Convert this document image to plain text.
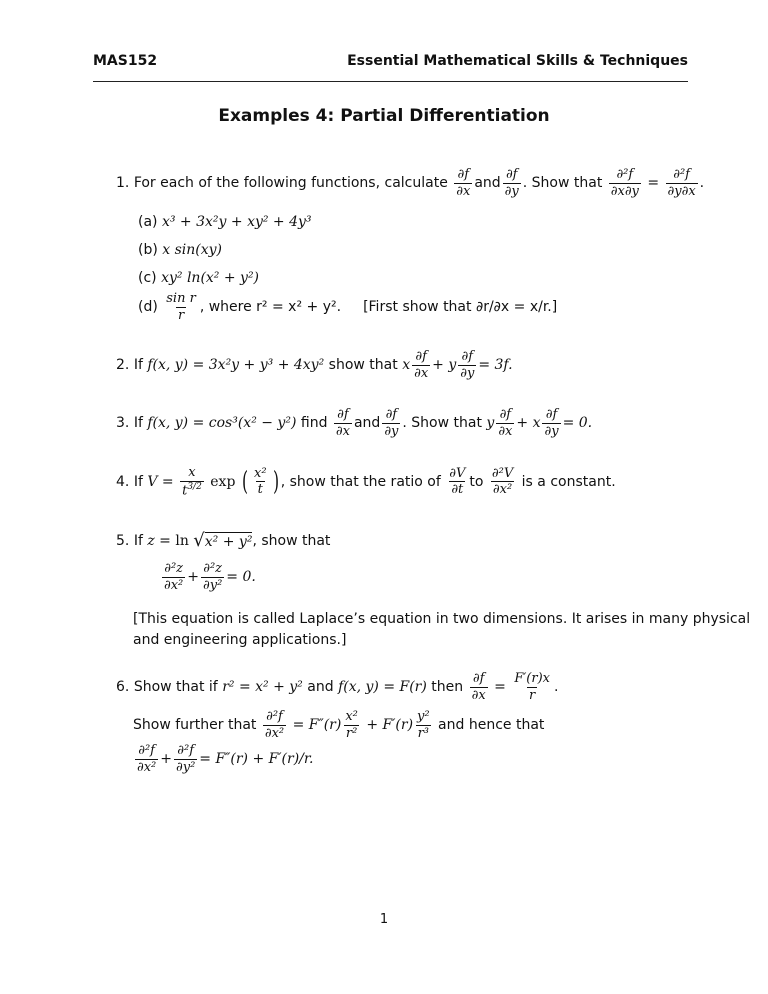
MAS152	Essential Mathematical Skills & Techniques
Examples 4: Partial Differentiation
1.
For each of the following functions, calculate
$\frac{\partial f}{\partial x}$ and $\frac{\partial f}{\partial y}$ . Show that
$\frac{\text{∂²f}}{\partial x\partial y} = \frac{\text{∂²f}}{\partial y\partial x}$ .
(a)
x³ + 3x²y + xy² + 4y³
(b)
x sin(xy)
(c)
xy² ln(x² + y²)
(d)
$\frac{\text{sin r}}{r}$ , where r² = x² + y². [First show that ∂r/∂x = x/r.]
2.
If
f(x, y) = 3x²y + y³ + 4xy²
show that
x $\frac{\partial f}{\partial x} + y \frac{\partial f}{\partial y} = 3f$.
3.
If
f(x, y) = cos³(x² − y²)
find
$\frac{\partial f}{\partial x}$ and $\frac{\partial f}{\partial y}$ . Show that
y $\frac{\partial f}{\partial x} + x \frac{\partial f}{\partial y} = 0$.
4.
If
$V = \frac{x}{t^{3/2}}$ exp ( $\frac{\text{x²}}{t}$ ) , show that the ratio of
$\frac{\partial V}{\partial t}$ to
$\frac{\text{∂²V}}{\text{∂x²}}$
is a constant.
5.
If
z = ln √ x² + y² , show that
$\frac{\text{∂²z}}{\text{∂x²}} + \frac{\text{∂²z}}{\text{∂y²}} = 0$.
[This equation is called Laplace’s equation in two dimensions. It arises in many physical
and engineering applications.]
6.
Show that if
r² = x² + y²
and
f(x, y) = F(r)
then
$\frac{\partial f}{\partial x} = \frac{F'(r)x}{r}$ .
Show further that
$\frac{\text{∂²f}}{\text{∂x²}} = F''(r) \frac{\text{x²}}{\text{r²}} + F'(r) \frac{\text{y²}}{\text{r³}}$
and hence that
$\frac{\text{∂²f}}{\text{∂x²}} + \frac{\text{∂²f}}{\text{∂y²}} = F''(r) + F'(r)/r$.
1
